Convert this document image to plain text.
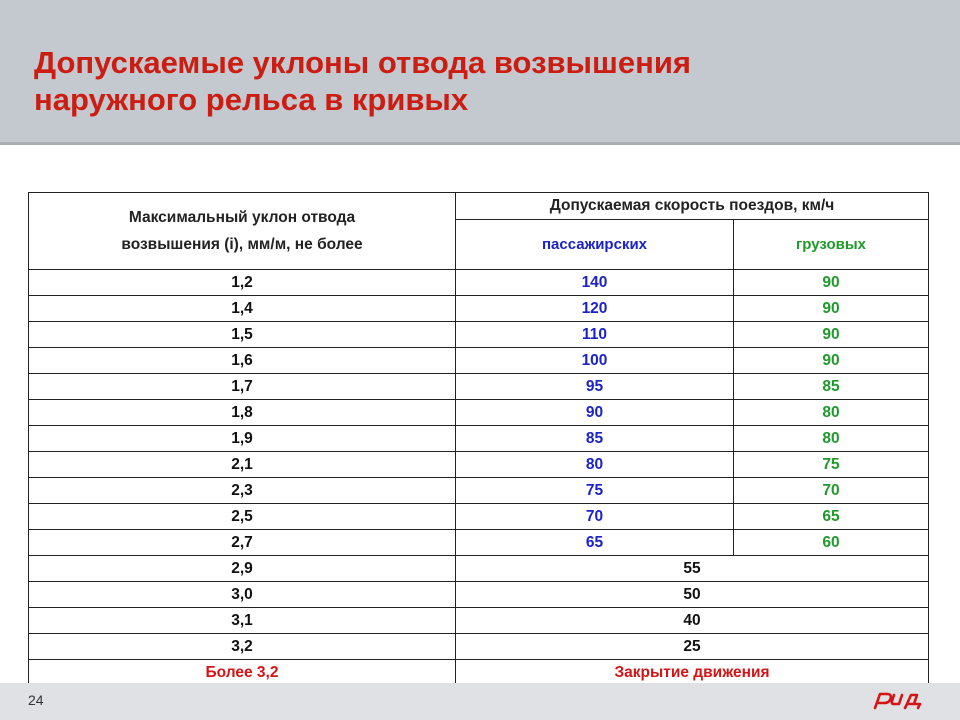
Допускаемые уклоны отвода возвышения
наружного рельса в кривых
Максимальный уклон отвода
возвышения (i), мм/м, не более	Допускаемая скорость поездов, км/ч	
	пассажирских	грузовых
1,2	140	90
1,4	120	90
1,5	110	90
1,6	100	90
1,7	95	85
1,8	90	80
1,9	85	80
2,1	80	75
2,3	75	70
2,5	70	65
2,7	65	60
2,9	55	
3,0	50	
3,1	40	
3,2	25	
Более 3,2	Закрытие движения	
24
